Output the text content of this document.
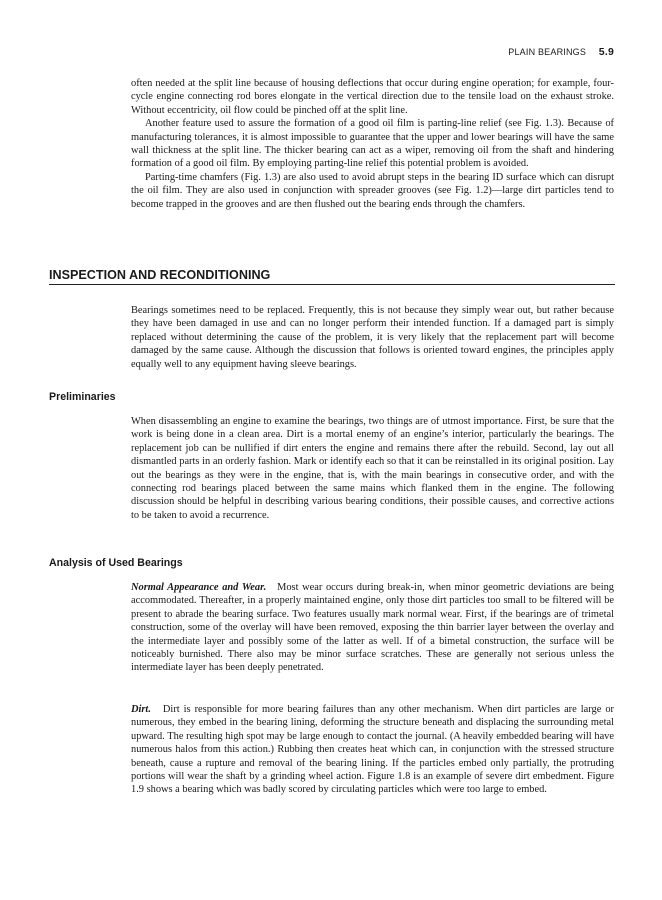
PLAIN BEARINGS 5.9

often needed at the split line because of housing deflections that occur during engine operation; for example, four-cycle engine connecting rod bores elongate in the vertical direction due to the tensile load on the exhaust stroke. Without eccentricity, oil flow could be pinched off at the split line.

Another feature used to assure the formation of a good oil film is parting-line relief (see Fig. 1.3). Because of manufacturing tolerances, it is almost impossible to guarantee that the upper and lower bearings will have the same wall thickness at the split line. The thicker bearing can act as a wiper, removing oil from the shaft and hindering formation of a good oil film. By employing parting-line relief this potential problem is avoided.

Parting-time chamfers (Fig. 1.3) are also used to avoid abrupt steps in the bearing ID surface which can disrupt the oil film. They are also used in conjunction with spreader grooves (see Fig. 1.2)—large dirt particles tend to become trapped in the grooves and are then flushed out the bearing ends through the chamfers.

INSPECTION AND RECONDITIONING

Bearings sometimes need to be replaced. Frequently, this is not because they simply wear out, but rather because they have been damaged in use and can no longer perform their intended function. If a damaged part is simply replaced without determining the cause of the problem, it is very likely that the replacement part will become damaged by the same cause. Although the discussion that follows is oriented toward engines, the principles apply equally well to any equipment having sleeve bearings.

Preliminaries

When disassembling an engine to examine the bearings, two things are of utmost importance. First, be sure that the work is being done in a clean area. Dirt is a mortal enemy of an engine’s interior, particularly the bearings. The replacement job can be nullified if dirt enters the engine and remains there after the rebuild. Second, lay out all dismantled parts in an orderly fashion. Mark or identify each so that it can be reinstalled in its original position. Lay out the bearings as they were in the engine, that is, with the main bearings in consecutive order, and with the connecting rod bearings placed between the same mains which flanked them in the engine. The following discussion should be helpful in describing various bearing conditions, their possible causes, and corrective actions to be taken to avoid a recurrence.

Analysis of Used Bearings

Normal Appearance and Wear. Most wear occurs during break-in, when minor geometric deviations are being accommodated. Thereafter, in a properly maintained engine, only those dirt particles too small to be filtered will be present to abrade the bearing surface. Two features usually mark normal wear. First, if the bearings are of trimetal construction, some of the overlay will have been removed, exposing the thin barrier layer between the overlay and the intermediate layer and possibly some of the latter as well. If of a bimetal construction, the surface will be noticeably burnished. There also may be minor surface scratches. These are generally not serious unless the intermediate layer has been deeply penetrated.

Dirt. Dirt is responsible for more bearing failures than any other mechanism. When dirt particles are large or numerous, they embed in the bearing lining, deforming the structure beneath and displacing the surrounding metal upward. The resulting high spot may be large enough to contact the journal. (A heavily embedded bearing will have numerous halos from this action.) Rubbing then creates heat which can, in conjunction with the stressed structure beneath, cause a rupture and removal of the bearing lining. If the particles embed only partially, the protruding portions will wear the shaft by a grinding wheel action. Figure 1.8 is an example of severe dirt embedment. Figure 1.9 shows a bearing which was badly scored by circulating particles which were too large to embed.
